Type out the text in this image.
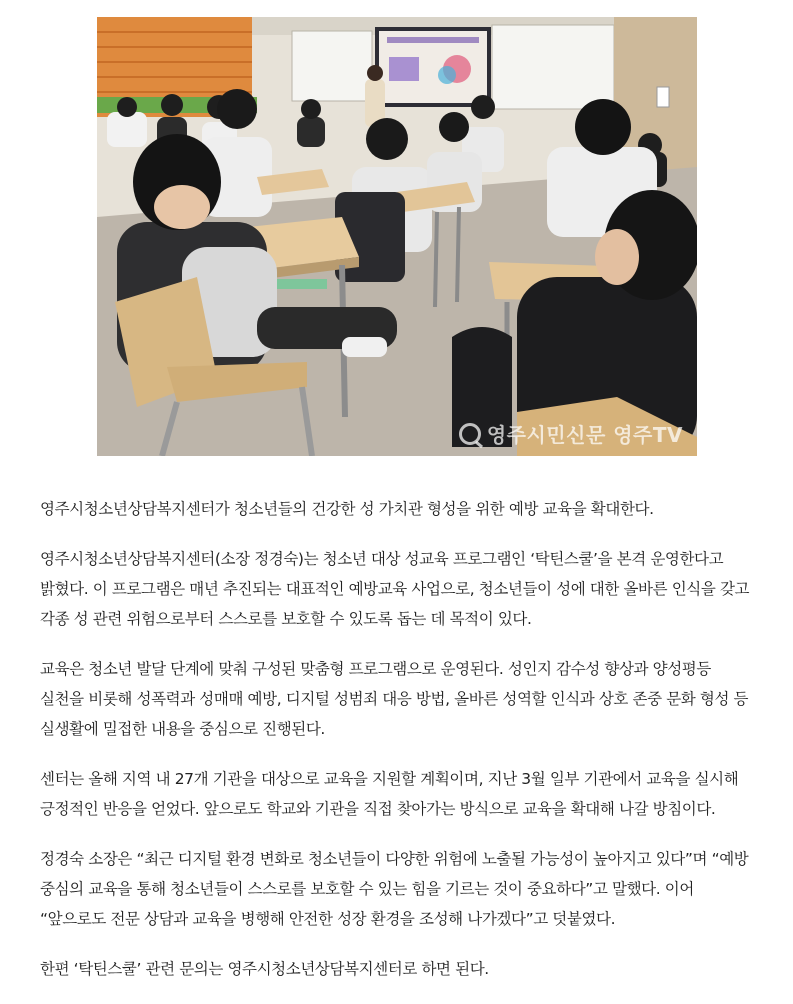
영주시민신문 영주TV

영주시청소년상담복지센터가 청소년들의 건강한 성 가치관 형성을 위한 예방 교육을 확대한다.

영주시청소년상담복지센터(소장 정경숙)는 청소년 대상 성교육 프로그램인 ‘탁틴스쿨’을 본격 운영한다고 밝혔다. 이 프로그램은 매년 추진되는 대표적인 예방교육 사업으로, 청소년들이 성에 대한 올바른 인식을 갖고 각종 성 관련 위험으로부터 스스로를 보호할 수 있도록 돕는 데 목적이 있다.

교육은 청소년 발달 단계에 맞춰 구성된 맞춤형 프로그램으로 운영된다. 성인지 감수성 향상과 양성평등 실천을 비롯해 성폭력과 성매매 예방, 디지털 성범죄 대응 방법, 올바른 성역할 인식과 상호 존중 문화 형성 등 실생활에 밀접한 내용을 중심으로 진행된다.

센터는 올해 지역 내 27개 기관을 대상으로 교육을 지원할 계획이며, 지난 3월 일부 기관에서 교육을 실시해 긍정적인 반응을 얻었다. 앞으로도 학교와 기관을 직접 찾아가는 방식으로 교육을 확대해 나갈 방침이다.

정경숙 소장은 “최근 디지털 환경 변화로 청소년들이 다양한 위험에 노출될 가능성이 높아지고 있다”며 “예방 중심의 교육을 통해 청소년들이 스스로를 보호할 수 있는 힘을 기르는 것이 중요하다”고 말했다. 이어 “앞으로도 전문 상담과 교육을 병행해 안전한 성장 환경을 조성해 나가겠다”고 덧붙였다.

한편 ‘탁틴스쿨’ 관련 문의는 영주시청소년상담복지센터로 하면 된다.
